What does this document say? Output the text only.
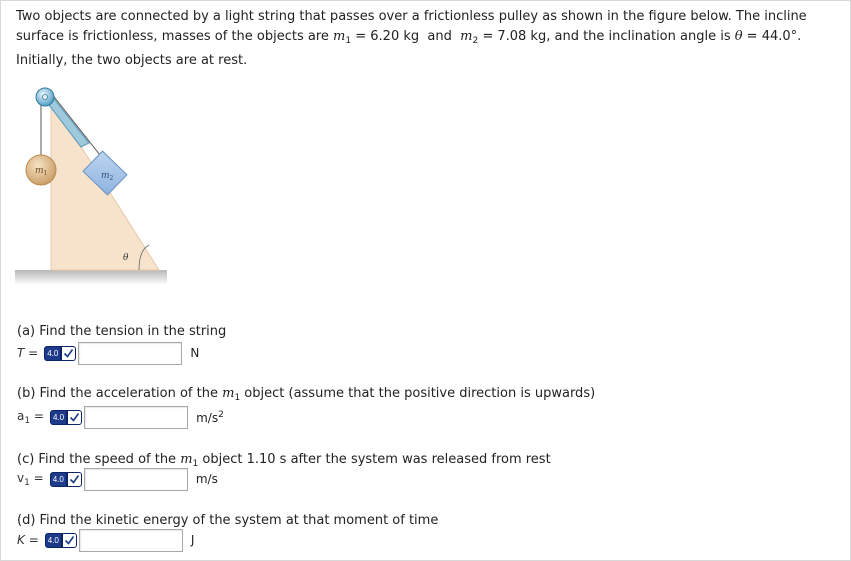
Two objects are connected by a light string that passes over a frictionless pulley as shown in the figure below. The incline
surface is frictionless, masses of the objects are $m_1 = 6.20$ kg  and  $m_2 = 7.08$ kg, and the inclination angle is θ = 44.0°.
Initially, the two objects are at rest.
$m_1$	$m_2$
θ
(a) Find the tension in the string
T =	4.0	N
(b) Find the acceleration of the $m_1$ object (assume that the positive direction is upwards)
$a_1$ =	4.0	$m/s^2$
(c) Find the speed of the $m_1$ object 1.10 s after the system was released from rest
$v_1$ =	4.0	m/s
(d) Find the kinetic energy of the system at that moment of time
K =	4.0	J
